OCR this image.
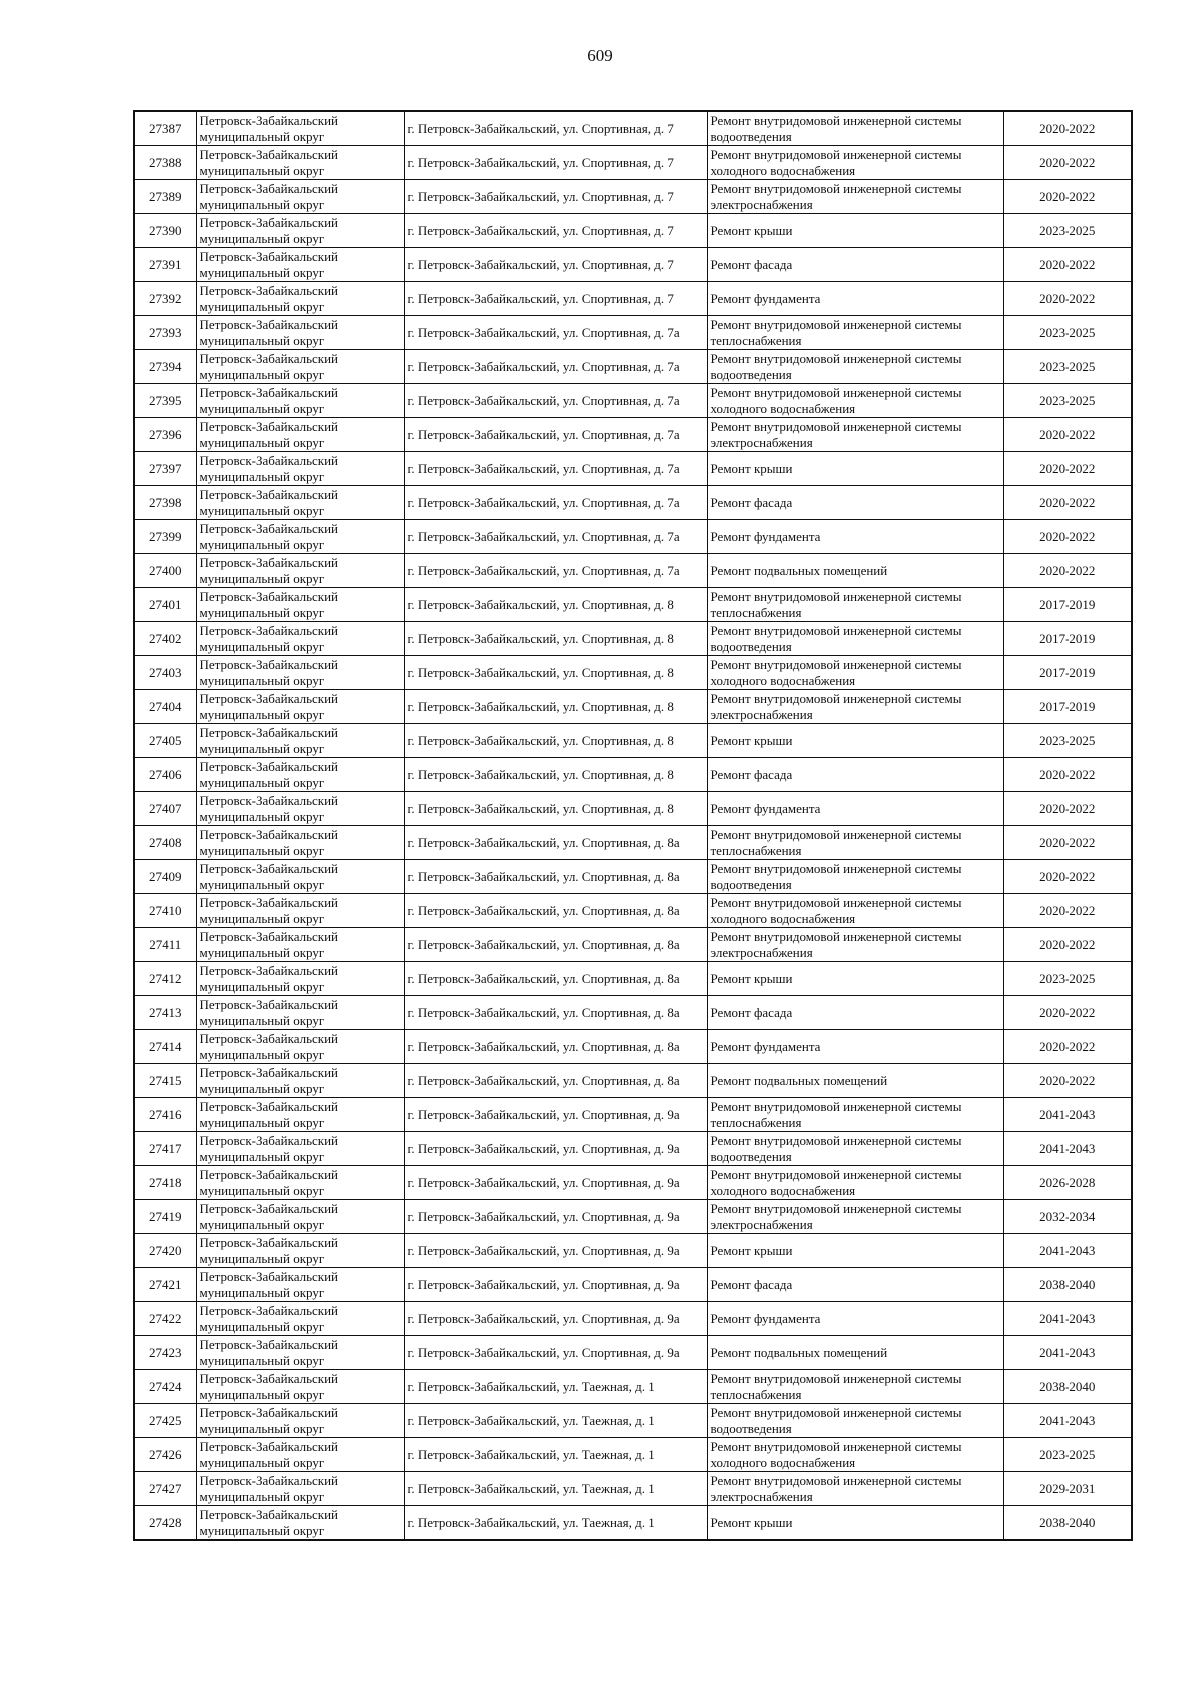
609
27387	Петровск-Забайкальский муниципальный округ	г. Петровск-Забайкальский, ул. Спортивная, д. 7	Ремонт внутридомовой инженерной системы водоотведения	2020-2022
27388	Петровск-Забайкальский муниципальный округ	г. Петровск-Забайкальский, ул. Спортивная, д. 7	Ремонт внутридомовой инженерной системы холодного водоснабжения	2020-2022
27389	Петровск-Забайкальский муниципальный округ	г. Петровск-Забайкальский, ул. Спортивная, д. 7	Ремонт внутридомовой инженерной системы электроснабжения	2020-2022
27390	Петровск-Забайкальский муниципальный округ	г. Петровск-Забайкальский, ул. Спортивная, д. 7	Ремонт крыши	2023-2025
27391	Петровск-Забайкальский муниципальный округ	г. Петровск-Забайкальский, ул. Спортивная, д. 7	Ремонт фасада	2020-2022
27392	Петровск-Забайкальский муниципальный округ	г. Петровск-Забайкальский, ул. Спортивная, д. 7	Ремонт фундамента	2020-2022
27393	Петровск-Забайкальский муниципальный округ	г. Петровск-Забайкальский, ул. Спортивная, д. 7а	Ремонт внутридомовой инженерной системы теплоснабжения	2023-2025
27394	Петровск-Забайкальский муниципальный округ	г. Петровск-Забайкальский, ул. Спортивная, д. 7а	Ремонт внутридомовой инженерной системы водоотведения	2023-2025
27395	Петровск-Забайкальский муниципальный округ	г. Петровск-Забайкальский, ул. Спортивная, д. 7а	Ремонт внутридомовой инженерной системы холодного водоснабжения	2023-2025
27396	Петровск-Забайкальский муниципальный округ	г. Петровск-Забайкальский, ул. Спортивная, д. 7а	Ремонт внутридомовой инженерной системы электроснабжения	2020-2022
27397	Петровск-Забайкальский муниципальный округ	г. Петровск-Забайкальский, ул. Спортивная, д. 7а	Ремонт крыши	2020-2022
27398	Петровск-Забайкальский муниципальный округ	г. Петровск-Забайкальский, ул. Спортивная, д. 7а	Ремонт фасада	2020-2022
27399	Петровск-Забайкальский муниципальный округ	г. Петровск-Забайкальский, ул. Спортивная, д. 7а	Ремонт фундамента	2020-2022
27400	Петровск-Забайкальский муниципальный округ	г. Петровск-Забайкальский, ул. Спортивная, д. 7а	Ремонт подвальных помещений	2020-2022
27401	Петровск-Забайкальский муниципальный округ	г. Петровск-Забайкальский, ул. Спортивная, д. 8	Ремонт внутридомовой инженерной системы теплоснабжения	2017-2019
27402	Петровск-Забайкальский муниципальный округ	г. Петровск-Забайкальский, ул. Спортивная, д. 8	Ремонт внутридомовой инженерной системы водоотведения	2017-2019
27403	Петровск-Забайкальский муниципальный округ	г. Петровск-Забайкальский, ул. Спортивная, д. 8	Ремонт внутридомовой инженерной системы холодного водоснабжения	2017-2019
27404	Петровск-Забайкальский муниципальный округ	г. Петровск-Забайкальский, ул. Спортивная, д. 8	Ремонт внутридомовой инженерной системы электроснабжения	2017-2019
27405	Петровск-Забайкальский муниципальный округ	г. Петровск-Забайкальский, ул. Спортивная, д. 8	Ремонт крыши	2023-2025
27406	Петровск-Забайкальский муниципальный округ	г. Петровск-Забайкальский, ул. Спортивная, д. 8	Ремонт фасада	2020-2022
27407	Петровск-Забайкальский муниципальный округ	г. Петровск-Забайкальский, ул. Спортивная, д. 8	Ремонт фундамента	2020-2022
27408	Петровск-Забайкальский муниципальный округ	г. Петровск-Забайкальский, ул. Спортивная, д. 8а	Ремонт внутридомовой инженерной системы теплоснабжения	2020-2022
27409	Петровск-Забайкальский муниципальный округ	г. Петровск-Забайкальский, ул. Спортивная, д. 8а	Ремонт внутридомовой инженерной системы водоотведения	2020-2022
27410	Петровск-Забайкальский муниципальный округ	г. Петровск-Забайкальский, ул. Спортивная, д. 8а	Ремонт внутридомовой инженерной системы холодного водоснабжения	2020-2022
27411	Петровск-Забайкальский муниципальный округ	г. Петровск-Забайкальский, ул. Спортивная, д. 8а	Ремонт внутридомовой инженерной системы электроснабжения	2020-2022
27412	Петровск-Забайкальский муниципальный округ	г. Петровск-Забайкальский, ул. Спортивная, д. 8а	Ремонт крыши	2023-2025
27413	Петровск-Забайкальский муниципальный округ	г. Петровск-Забайкальский, ул. Спортивная, д. 8а	Ремонт фасада	2020-2022
27414	Петровск-Забайкальский муниципальный округ	г. Петровск-Забайкальский, ул. Спортивная, д. 8а	Ремонт фундамента	2020-2022
27415	Петровск-Забайкальский муниципальный округ	г. Петровск-Забайкальский, ул. Спортивная, д. 8а	Ремонт подвальных помещений	2020-2022
27416	Петровск-Забайкальский муниципальный округ	г. Петровск-Забайкальский, ул. Спортивная, д. 9а	Ремонт внутридомовой инженерной системы теплоснабжения	2041-2043
27417	Петровск-Забайкальский муниципальный округ	г. Петровск-Забайкальский, ул. Спортивная, д. 9а	Ремонт внутридомовой инженерной системы водоотведения	2041-2043
27418	Петровск-Забайкальский муниципальный округ	г. Петровск-Забайкальский, ул. Спортивная, д. 9а	Ремонт внутридомовой инженерной системы холодного водоснабжения	2026-2028
27419	Петровск-Забайкальский муниципальный округ	г. Петровск-Забайкальский, ул. Спортивная, д. 9а	Ремонт внутридомовой инженерной системы электроснабжения	2032-2034
27420	Петровск-Забайкальский муниципальный округ	г. Петровск-Забайкальский, ул. Спортивная, д. 9а	Ремонт крыши	2041-2043
27421	Петровск-Забайкальский муниципальный округ	г. Петровск-Забайкальский, ул. Спортивная, д. 9а	Ремонт фасада	2038-2040
27422	Петровск-Забайкальский муниципальный округ	г. Петровск-Забайкальский, ул. Спортивная, д. 9а	Ремонт фундамента	2041-2043
27423	Петровск-Забайкальский муниципальный округ	г. Петровск-Забайкальский, ул. Спортивная, д. 9а	Ремонт подвальных помещений	2041-2043
27424	Петровск-Забайкальский муниципальный округ	г. Петровск-Забайкальский, ул. Таежная, д. 1	Ремонт внутридомовой инженерной системы теплоснабжения	2038-2040
27425	Петровск-Забайкальский муниципальный округ	г. Петровск-Забайкальский, ул. Таежная, д. 1	Ремонт внутридомовой инженерной системы водоотведения	2041-2043
27426	Петровск-Забайкальский муниципальный округ	г. Петровск-Забайкальский, ул. Таежная, д. 1	Ремонт внутридомовой инженерной системы холодного водоснабжения	2023-2025
27427	Петровск-Забайкальский муниципальный округ	г. Петровск-Забайкальский, ул. Таежная, д. 1	Ремонт внутридомовой инженерной системы электроснабжения	2029-2031
27428	Петровск-Забайкальский муниципальный округ	г. Петровск-Забайкальский, ул. Таежная, д. 1	Ремонт крыши	2038-2040
